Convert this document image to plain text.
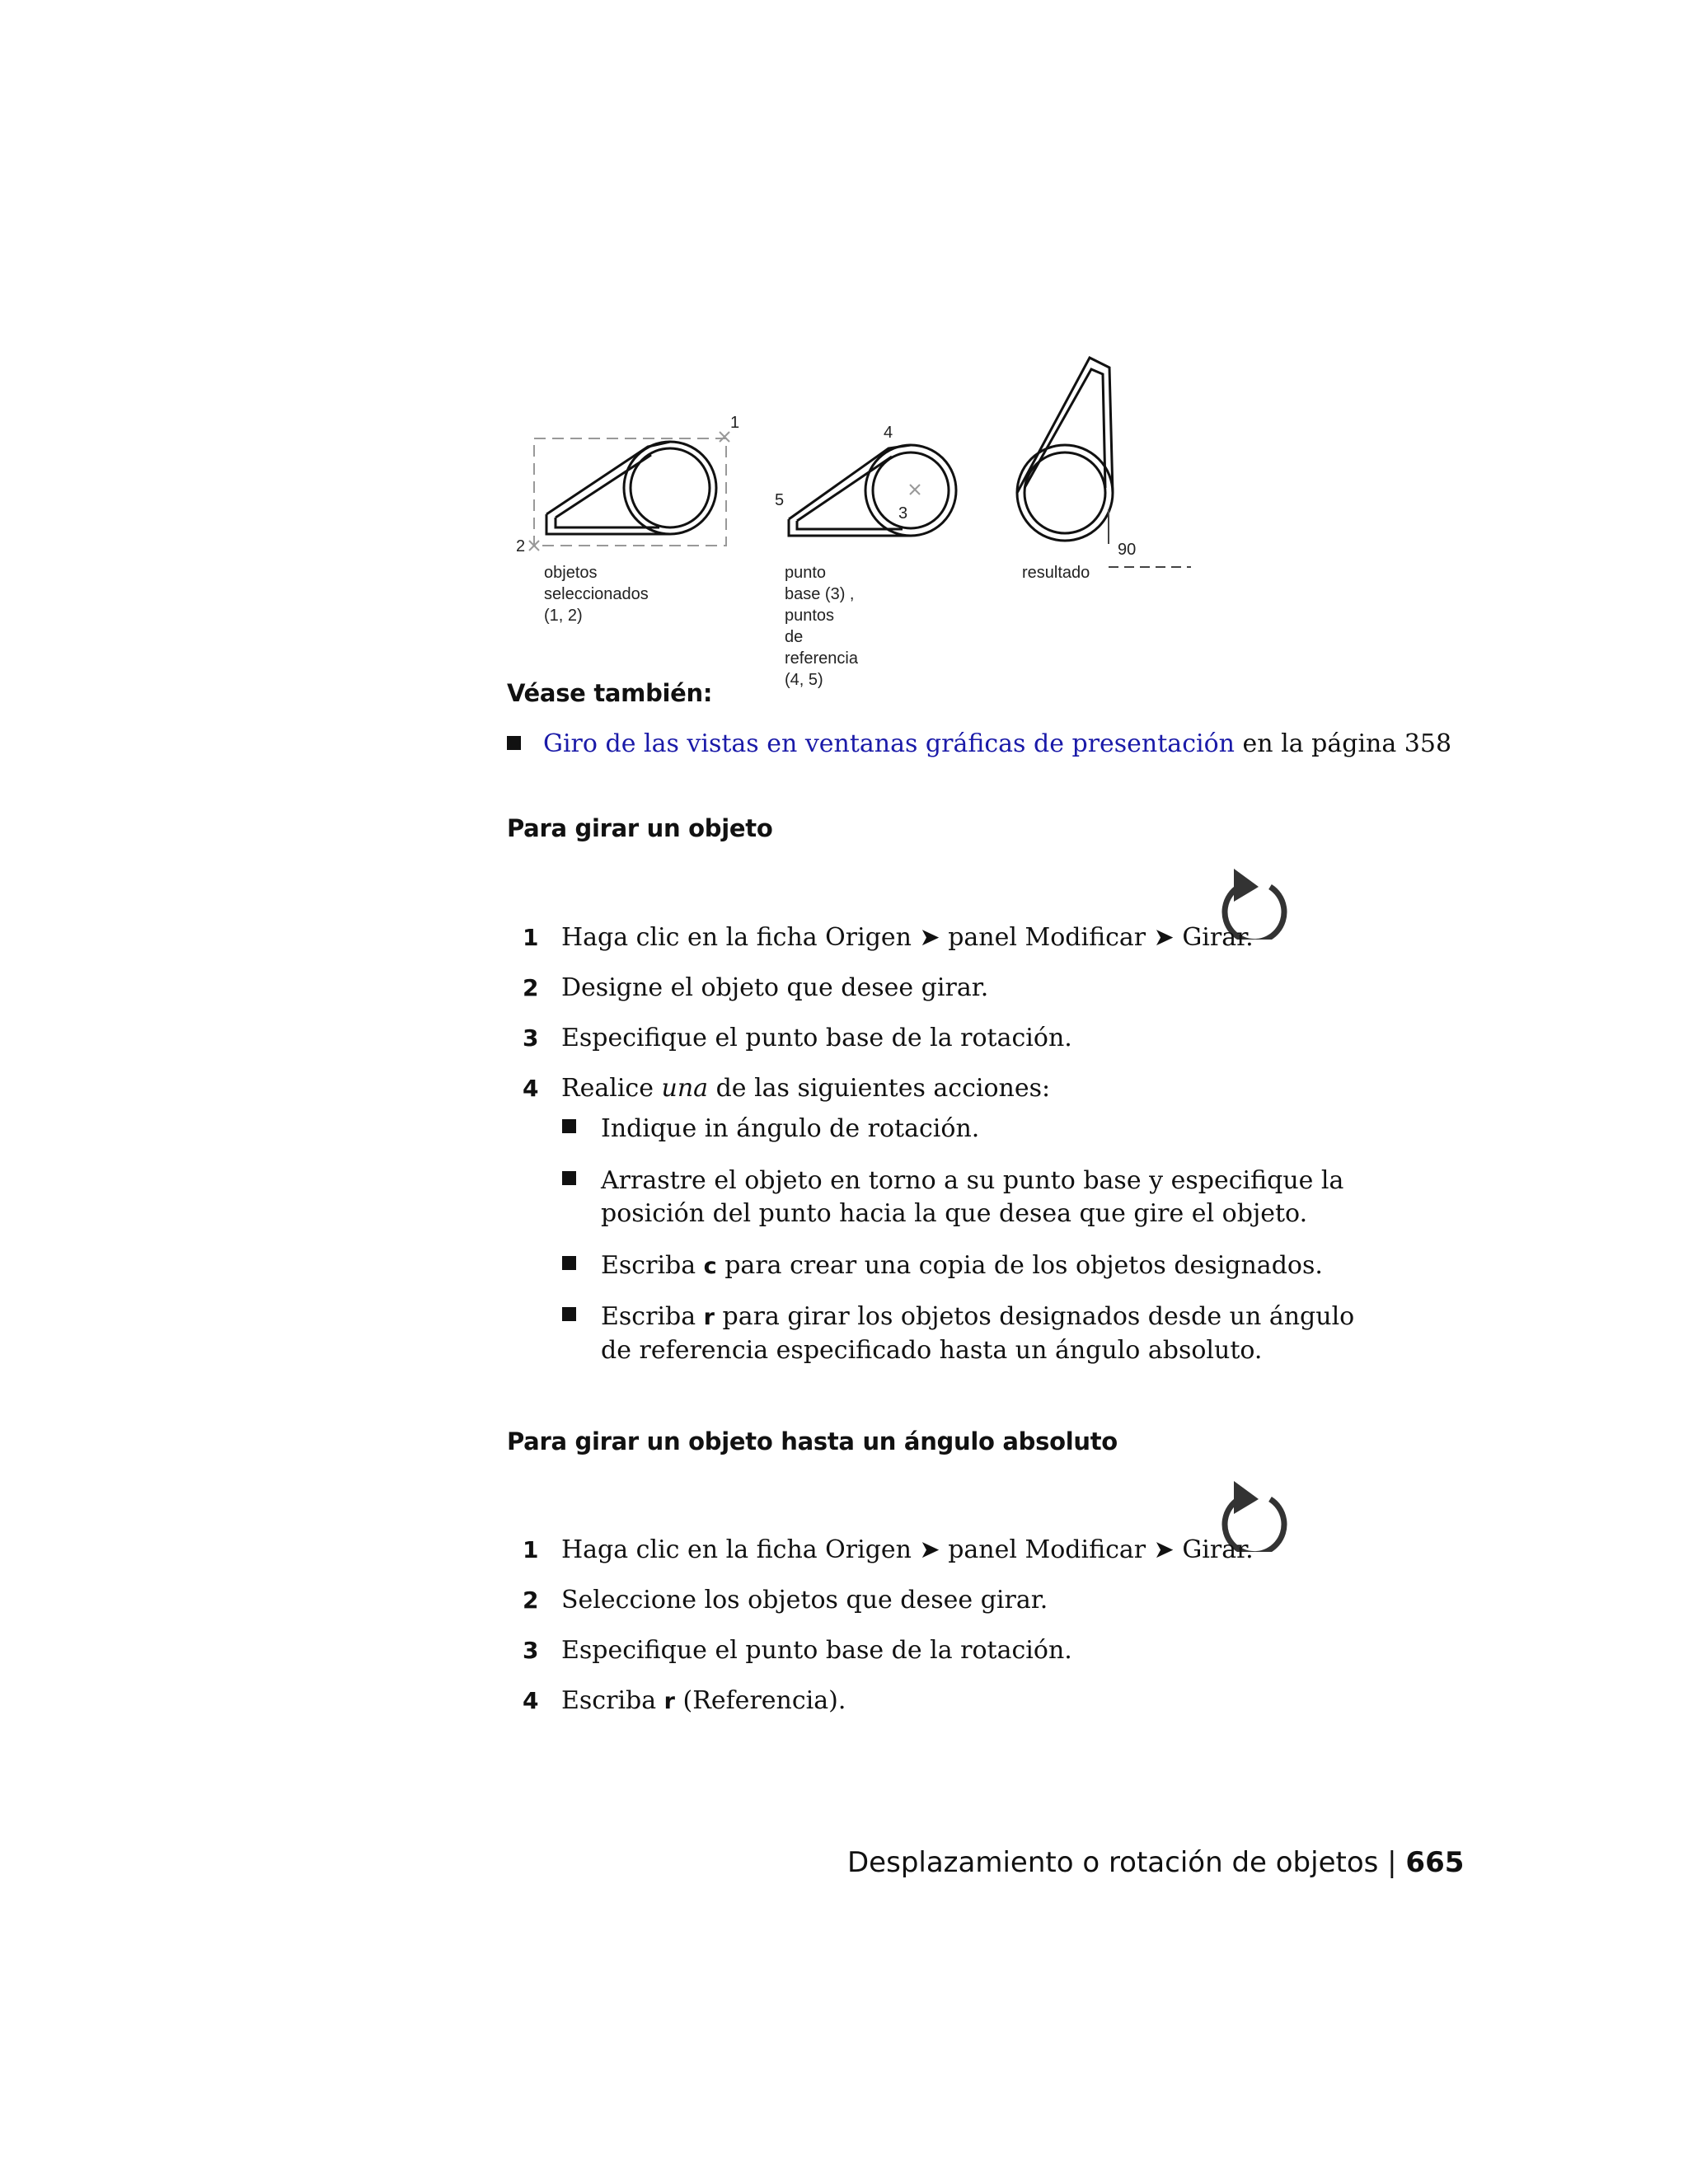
1
2
3
4
5
90
objetos
seleccionados
(1, 2)
punto base (3) , puntos
de referencia (4, 5)
resultado
Véase también:
Giro de las vistas en ventanas gráficas de presentación en la página 358
Para girar un objeto
1 Haga clic en la ficha Origen ➤ panel Modificar ➤ Girar.
2 Designe el objeto que desee girar.
3 Especifique el punto base de la rotación.
4 Realice una de las siguientes acciones:
Indique in ángulo de rotación.
Arrastre el objeto en torno a su punto base y especifique la posición del punto hacia la que desea que gire el objeto.
Escriba c para crear una copia de los objetos designados.
Escriba r para girar los objetos designados desde un ángulo de referencia especificado hasta un ángulo absoluto.
Para girar un objeto hasta un ángulo absoluto
1 Haga clic en la ficha Origen ➤ panel Modificar ➤ Girar.
2 Seleccione los objetos que desee girar.
3 Especifique el punto base de la rotación.
4 Escriba r (Referencia).
Desplazamiento o rotación de objetos | 665
